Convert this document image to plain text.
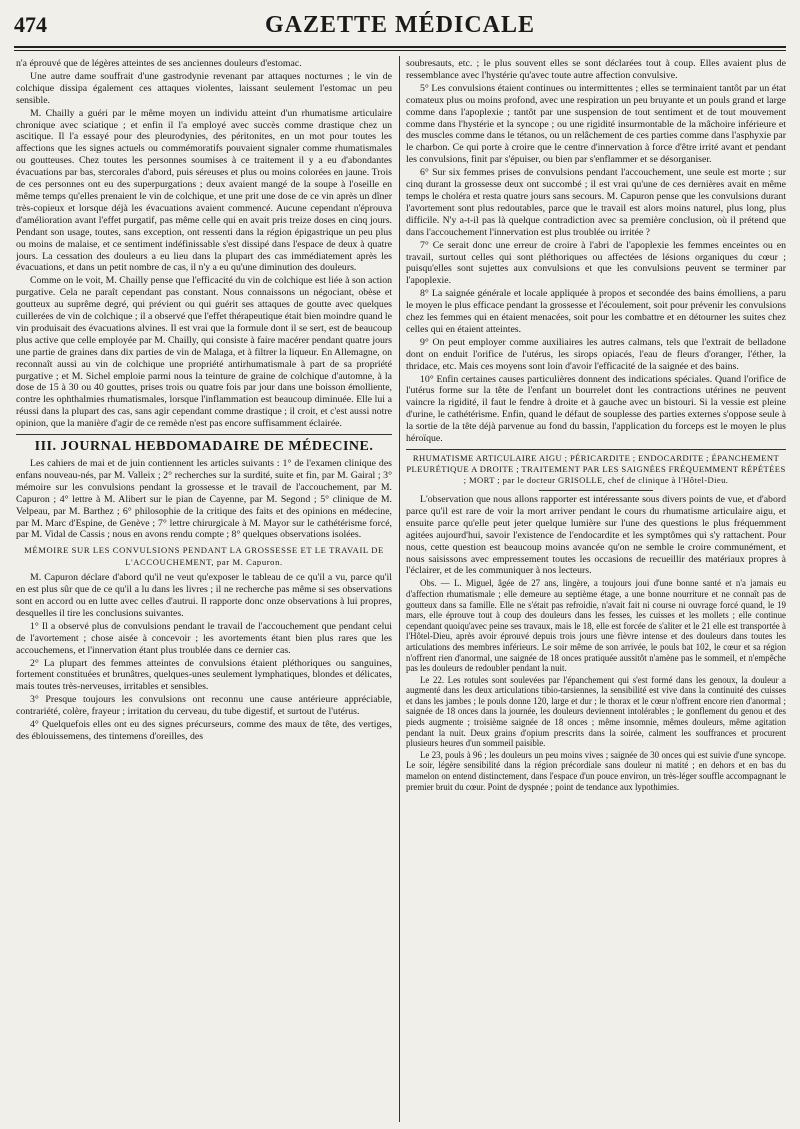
474	GAZETTE MÉDICALE

n'a éprouvé que de légères atteintes de ses anciennes douleurs d'estomac.

Une autre dame souffrait d'une gastrodynie revenant par attaques nocturnes ; le vin de colchique dissipa également ces attaques violentes, laissant seulement l'estomac un peu sensible.

M. Chailly a guéri par le même moyen un individu atteint d'un rhumatisme articulaire chronique avec sciatique ; et enfin il l'a employé avec succès comme drastique chez un ascitique. Il l'a essayé pour des pleurodynies, des péritonites, en un mot pour toutes les affections que les signes actuels ou commémoratifs pouvaient signaler comme rhumatismales ou goutteuses. Chez toutes les personnes soumises à ce traitement il y a eu d'abondantes évacuations par bas, stercorales d'abord, puis séreuses et plus ou moins colorées en jaune. Trois de ces personnes ont eu des superpurgations ; deux avaient mangé de la soupe à l'oseille en même temps qu'elles prenaient le vin de colchique, et une prit une dose de ce vin après un dîner très-copieux et lorsque déjà les évacuations avaient commencé. Aucune cependant n'éprouva d'amélioration avant l'effet purgatif, pas même celle qui en avait pris treize doses en cinq jours. Pendant son usage, toutes, sans exception, ont ressenti dans la région épigastrique un peu plus ou moins de malaise, et ce sentiment indéfinissable s'est dissipé dans l'espace de deux à quatre jours. La cessation des douleurs a eu lieu dans la plupart des cas immédiatement après les évacuations, et dans un petit nombre de cas, il n'y a eu qu'une diminution des douleurs.

Comme on le voit, M. Chailly pense que l'efficacité du vin de colchique est liée à son action purgative. Cela ne paraît cependant pas constant. Nous connaissons un négociant, obèse et goutteux au suprême degré, qui prévient ou qui guérit ses attaques de goutte avec quelques cuillerées de vin de colchique ; il a observé que l'effet thérapeutique était bien moindre quand le vin produisait des évacuations alvines. Il est vrai que la formule dont il se sert, est de beaucoup plus active que celle employée par M. Chailly, qui consiste à faire macérer pendant quatre jours une partie de graines dans dix parties de vin de Malaga, et à filtrer la liqueur. En Allemagne, on reconnaît aussi au vin de colchique une propriété antirhumatismale à part de sa propriété purgative ; et M. Sichel emploie parmi nous la teinture de graine de colchique d'automne, à la dose de 15 à 30 ou 40 gouttes, prises trois ou quatre fois par jour dans une boisson émolliente, contre les ophthalmies rhumatismales, lorsque l'inflammation est beaucoup diminuée. Elle lui a réussi dans la plupart des cas, sans agir cependant comme drastique ; il croit, et c'est aussi notre opinion, que la manière d'agir de ce remède n'est pas encore suffisamment éclairée.

III. JOURNAL HEBDOMADAIRE DE MÉDECINE.

Les cahiers de mai et de juin contiennent les articles suivants : 1° de l'examen clinique des enfans nouveau-nés, par M. Valleix ; 2° recherches sur la surdité, suite et fin, par M. Gairal ; 3° mémoire sur les convulsions pendant la grossesse et le travail de l'accouchement, par M. Capuron ; 4° lettre à M. Alibert sur le pian de Cayenne, par M. Segond ; 5° clinique de M. Velpeau, par M. Barthez ; 6° philosophie de la critique des faits et des opinions en médecine, par M. Marc d'Espine, de Genève ; 7° lettre chirurgicale à M. Mayor sur le cathétérisme forcé, par M. Vidal de Cassis ; nous en avons rendu compte ; 8° quelques observations isolées.

MÉMOIRE SUR LES CONVULSIONS PENDANT LA GROSSESSE ET LE TRAVAIL DE L'ACCOUCHEMENT, par M. Capuron.

M. Capuron déclare d'abord qu'il ne veut qu'exposer le tableau de ce qu'il a vu, parce qu'il en est plus sûr que de ce qu'il a lu dans les livres ; il ne recherche pas même si ses observations sont en accord ou en lutte avec celles d'autrui. Il rapporte donc onze observations à lui propres, desquelles il tire les conclusions suivantes.

1° Il a observé plus de convulsions pendant le travail de l'accouchement que pendant celui de l'avortement ; chose aisée à concevoir ; les avortements étant bien plus rares que les accouchemens, et l'innervation étant plus troublée dans ce dernier cas.

2° La plupart des femmes atteintes de convulsions étaient pléthoriques ou sanguines, fortement constituées et brunâtres, quelques-unes seulement lymphatiques, blondes et délicates, mais toutes très-nerveuses, irritables et sensibles.

3° Presque toujours les convulsions ont reconnu une cause antérieure appréciable, contrariété, colère, frayeur ; irritation du cerveau, du tube digestif, et surtout de l'utérus.

4° Quelquefois elles ont eu des signes précurseurs, comme des maux de tête, des vertiges, des éblouissemens, des tintemens d'oreilles, des

soubresauts, etc. ; le plus souvent elles se sont déclarées tout à coup. Elles avaient plus de ressemblance avec l'hystérie qu'avec toute autre affection convulsive.

5° Les convulsions étaient continues ou intermittentes ; elles se terminaient tantôt par un état comateux plus ou moins profond, avec une respiration un peu bruyante et un pouls grand et large comme dans l'apoplexie ; tantôt par une suspension de tout sentiment et de tout mouvement comme dans l'hystérie et la syncope ; ou une rigidité insurmontable de la mâchoire inférieure et des muscles comme dans le tétanos, ou un relâchement de ces parties comme dans l'asphyxie par le charbon. Ce qui porte à croire que le centre d'innervation à force d'être irrité avant et pendant les convulsions, finit par s'épuiser, ou bien par s'enflammer et se désorganiser.

6° Sur six femmes prises de convulsions pendant l'accouchement, une seule est morte ; sur cinq durant la grossesse deux ont succombé ; il est vrai qu'une de ces dernières avait en même temps le choléra et resta quatre jours sans secours. M. Capuron pense que les convulsions durant l'avortement sont plus redoutables, parce que le travail est alors moins naturel, plus long, plus difficile. N'y a-t-il pas là quelque contradiction avec sa première conclusion, où il prétend que dans l'accouchement l'innervation est plus troublée ou irritée ?

7° Ce serait donc une erreur de croire à l'abri de l'apoplexie les femmes enceintes ou en travail, surtout celles qui sont pléthoriques ou affectées de lésions organiques du cœur ; puisqu'elles sont sujettes aux convulsions et que les convulsions peuvent se terminer par l'apoplexie.

8° La saignée générale et locale appliquée à propos et secondée des bains émolliens, a paru le moyen le plus efficace pendant la grossesse et l'écoulement, soit pour prévenir les convulsions chez les femmes qui en étaient menacées, soit pour les combattre et en détourner les suites chez celles qui en étaient atteintes.

9° On peut employer comme auxiliaires les autres calmans, tels que l'extrait de belladone dont on enduit l'orifice de l'utérus, les sirops opiacés, l'eau de fleurs d'oranger, l'éther, la thridace, etc. Mais ces moyens sont loin d'avoir l'efficacité de la saignée et des bains.

10° Enfin certaines causes particulières donnent des indications spéciales. Quand l'orifice de l'utérus forme sur la tête de l'enfant un bourrelet dont les contractions utérines ne peuvent vaincre la rigidité, il faut le fendre à droite et à gauche avec un bistouri. Si la vessie est pleine d'urine, le cathétérisme. Enfin, quand le défaut de souplesse des parties externes s'oppose seule à la sortie de la tête déjà parvenue au fond du bassin, l'application du forceps est le moyen le plus héroïque.

RHUMATISME ARTICULAIRE AIGU ; PÉRICARDITE ; ENDOCARDITE ; ÉPANCHEMENT PLEURÉTIQUE A DROITE ; TRAITEMENT PAR LES SAIGNÉES FRÉQUEMMENT RÉPÉTÉES ; MORT ; par le docteur GRISOLLE, chef de clinique à l'Hôtel-Dieu.

L'observation que nous allons rapporter est intéressante sous divers points de vue, et d'abord parce qu'il est rare de voir la mort arriver pendant le cours du rhumatisme articulaire aigu, et ensuite parce qu'elle peut jeter quelque lumière sur l'une des questions le plus fréquemment agitées aujourd'hui, savoir l'existence de l'endocardite et les symptômes qui s'y rattachent. Pour nous, cette question est beaucoup moins avancée qu'on ne semble le croire communément, et nous saisissons avec empressement toutes les occasions de recueillir des matériaux propres à l'éclairer, et de les communiquer à nos lecteurs.

Obs. — L. Miguel, âgée de 27 ans, lingère, a toujours joui d'une bonne santé et n'a jamais eu d'affection rhumatismale ; elle demeure au septième étage, a une bonne nourriture et ne connaît pas de goutteux dans sa famille. Elle ne s'était pas refroidie, n'avait fait ni course ni ouvrage forcé quand, le 19 mars, elle éprouve tout à coup des douleurs dans les fesses, les cuisses et les mollets ; elle continue cependant quoiqu'avec peine ses travaux, mais le 18, elle est forcée de s'aliter et le 21 elle est transportée à l'Hôtel-Dieu, après avoir éprouvé depuis trois jours une fièvre intense et des douleurs dans toutes les articulations des membres inférieurs. Le soir même de son arrivée, le pouls bat 102, le cœur et sa région n'offrent rien d'anormal, une saignée de 18 onces pratiquée aussitôt n'amène pas le sommeil, et n'empêche pas les douleurs de redoubler pendant la nuit.

Le 22. Les rotules sont soulevées par l'épanchement qui s'est formé dans les genoux, la douleur a augmenté dans les deux articulations tibio-tarsiennes, la sensibilité est vive dans la continuité des cuisses et dans les jambes ; le pouls donne 120, large et dur ; le thorax et le cœur n'offrent encore rien d'anormal ; saignée de 18 onces dans la journée, les douleurs deviennent intolérables ; le gonflement du genou et des pieds augmente ; troisième saignée de 18 onces ; même insomnie, mêmes douleurs, même agitation pendant la nuit. Deux grains d'opium prescrits dans la soirée, calment les souffrances et procurent plusieurs heures d'un sommeil paisible.

Le 23, pouls à 96 ; les douleurs un peu moins vives ; saignée de 30 onces qui est suivie d'une syncope. Le soir, légère sensibilité dans la région précordiale sans douleur ni matité ; en dehors et en bas du mamelon on entend distinctement, dans l'espace d'un pouce environ, un très-léger souffle accompagnant le premier bruit du cœur. Point de dyspnée ; point de tendance aux lypothimies.
